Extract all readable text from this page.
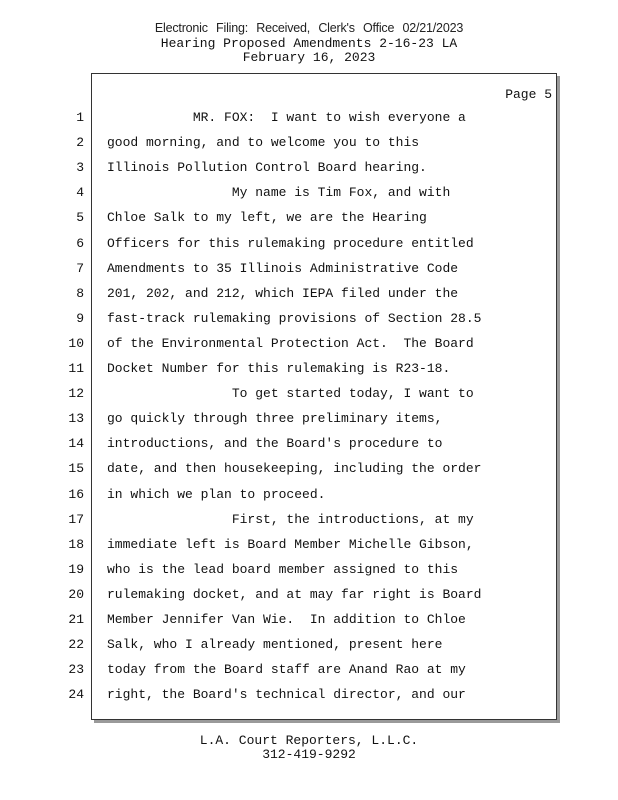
Electronic Filing: Received, Clerk's Office 02/21/2023
Hearing Proposed Amendments 2-16-23 LA
February 16, 2023
Page 5
1 MR. FOX:  I want to wish everyone a
2 good morning, and to welcome you to this
3 Illinois Pollution Control Board hearing.
4 My name is Tim Fox, and with
5 Chloe Salk to my left, we are the Hearing
6 Officers for this rulemaking procedure entitled
7 Amendments to 35 Illinois Administrative Code
8 201, 202, and 212, which IEPA filed under the
9 fast-track rulemaking provisions of Section 28.5
10 of the Environmental Protection Act.  The Board
11 Docket Number for this rulemaking is R23-18.
12 To get started today, I want to
13 go quickly through three preliminary items,
14 introductions, and the Board's procedure to
15 date, and then housekeeping, including the order
16 in which we plan to proceed.
17 First, the introductions, at my
18 immediate left is Board Member Michelle Gibson,
19 who is the lead board member assigned to this
20 rulemaking docket, and at may far right is Board
21 Member Jennifer Van Wie.  In addition to Chloe
22 Salk, who I already mentioned, present here
23 today from the Board staff are Anand Rao at my
24 right, the Board's technical director, and our
L.A. Court Reporters, L.L.C.
312-419-9292
